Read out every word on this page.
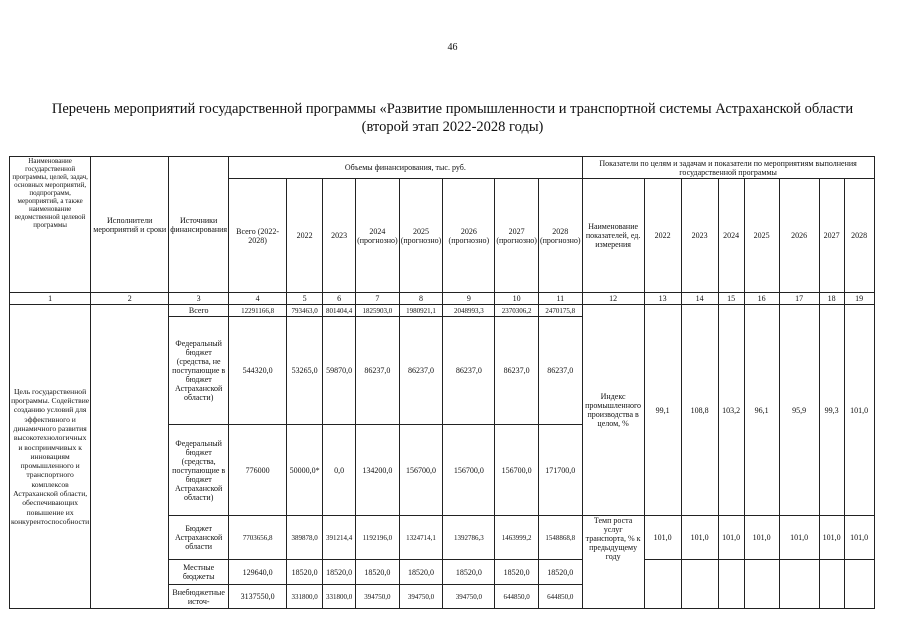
46
Перечень мероприятий государственной программы «Развитие промышленности и транспортной системы Астраханской области
(второй этап 2022-2028 годы)
Наименование государственной программы, целей, задач, основных мероприятий, подпрограмм, мероприятий, а также наименование ведомственной целевой программы	Исполнители мероприятий и сроки	Источники финансирования	Объемы финансирования, тыс. руб.								Показатели по целям и задачам и показатели по мероприятиям выполнения государственной программы							
			Всего (2022-2028)	2022	2023	2024 (прогнозно)	2025 (прогнозно)	2026 (прогнозно)	2027 (прогнозно)	2028 (прогнозно)	Наименование показателей, ед. измерения	2022	2023	2024	2025	2026	2027	2028
1	2	3	4	5	6	7	8	9	10	11	12	13	14	15	16	17	18	19
Цель государственной программы. Содействие созданию условий для эффективного и динамичного развития высокотехнологичных и восприимчивых к инновациям промышленного и транспортного комплексов Астраханской области, обеспечивающих повышение их конкурентоспособности		Всего	12291166,8	793463,0	801404,4	1825903,0	1980921,1	2048993,3	2370306,2	2470175,8	Индекс промышленного производства в целом, %	99,1	108,8	103,2	96,1	95,9	99,3	101,0
		Федеральный бюджет (средства, не поступающие в бюджет Астраханской области)	544320,0	53265,0	59870,0	86237,0	86237,0	86237,0	86237,0	86237,0								
		Федеральный бюджет (средства, поступающие в бюджет Астраханской области)	776000	50000,0*	0,0	134200,0	156700,0	156700,0	156700,0	171700,0								
		Бюджет Астраханской области	7703656,8	389878,0	391214,4	1192196,0	1324714,1	1392786,3	1463999,2	1548868,8	Темп роста услуг транспорта, % к предыдущему году	101,0	101,0	101,0	101,0	101,0	101,0	101,0
		Местные бюджеты	129640,0	18520,0	18520,0	18520,0	18520,0	18520,0	18520,0	18520,0								
		Внебюджетные источ-	3137550,0	331800,0	331800,0	394750,0	394750,0	394750,0	644850,0	644850,0								
